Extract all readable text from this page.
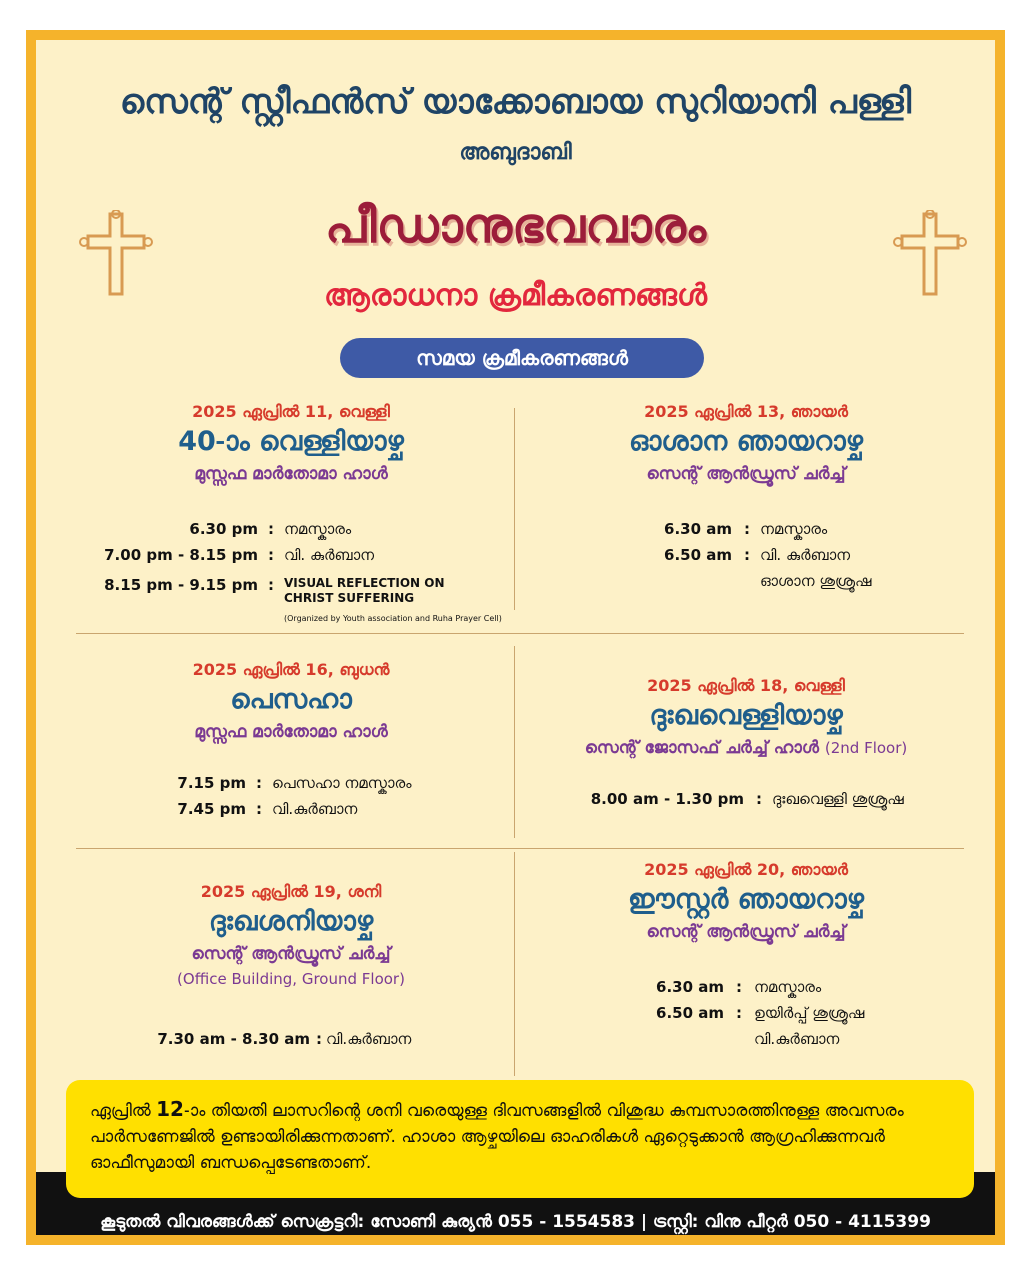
സെന്റ് സ്റ്റീഫൻസ് യാക്കോബായ സുറിയാനി പള്ളി
അബുദാബി
പീഡാനുഭവവാരം
ആരാധനാ ക്രമീകരണങ്ങൾ
സമയ ക്രമീകരണങ്ങൾ
2025 ഏപ്രിൽ 11, വെള്ളി
40-ാം വെള്ളിയാഴ്ച
മുസ്സഫ മാർതോമാ ഹാൾ
6.30 pm : നമസ്കാരം
7.00 pm - 8.15 pm : വി. കുർബാന
8.15 pm - 9.15 pm : VISUAL REFLECTION ON CHRIST SUFFERING
(Organized by Youth association and Ruha Prayer Cell)
2025 ഏപ്രിൽ 13, ഞായർ
ഓശാന ഞായറാഴ്ച
സെന്റ് ആൻഡ്രൂസ് ചർച്ച്
6.30 am : നമസ്കാരം
6.50 am : വി. കുർബാന
ഓശാന ശുശ്രൂഷ
2025 ഏപ്രിൽ 16, ബുധൻ
പെസഹാ
മുസ്സഫ മാർതോമാ ഹാൾ
7.15 pm : പെസഹാ നമസ്കാരം
7.45 pm : വി.കുർബാന
2025 ഏപ്രിൽ 18, വെള്ളി
ദുഃഖവെള്ളിയാഴ്ച
സെന്റ് ജോസഫ് ചർച്ച് ഹാൾ (2nd Floor)
8.00 am - 1.30 pm : ദുഃഖവെള്ളി ശുശ്രൂഷ
2025 ഏപ്രിൽ 19, ശനി
ദുഃഖശനിയാഴ്ച
സെന്റ് ആൻഡ്രൂസ് ചർച്ച്
(Office Building, Ground Floor)
7.30 am - 8.30 am : വി.കുർബാന
2025 ഏപ്രിൽ 20, ഞായർ
ഈസ്റ്റർ ഞായറാഴ്ച
സെന്റ് ആൻഡ്രൂസ് ചർച്ച്
6.30 am : നമസ്കാരം
6.50 am : ഉയിർപ്പ് ശുശ്രൂഷ
വി.കുർബാന
ഏപ്രിൽ 12-ാം തിയതി ലാസറിന്റെ ശനി വരെയുള്ള ദിവസങ്ങളിൽ വിശുദ്ധ കുമ്പസാരത്തിനുള്ള അവസരം പാർസണേജിൽ ഉണ്ടായിരിക്കുന്നതാണ്. ഹാശാ ആഴ്ചയിലെ ഓഹരികൾ ഏറ്റെടുക്കാൻ ആഗ്രഹിക്കുന്നവർ ഓഫീസുമായി ബന്ധപ്പെടേണ്ടതാണ്.
കൂടുതൽ വിവരങ്ങൾക്ക് സെക്രട്ടറി: സോണി കുര്യൻ 055 - 1554583 | ട്രസ്റ്റി: വിനു പീറ്റർ 050 - 4115399
